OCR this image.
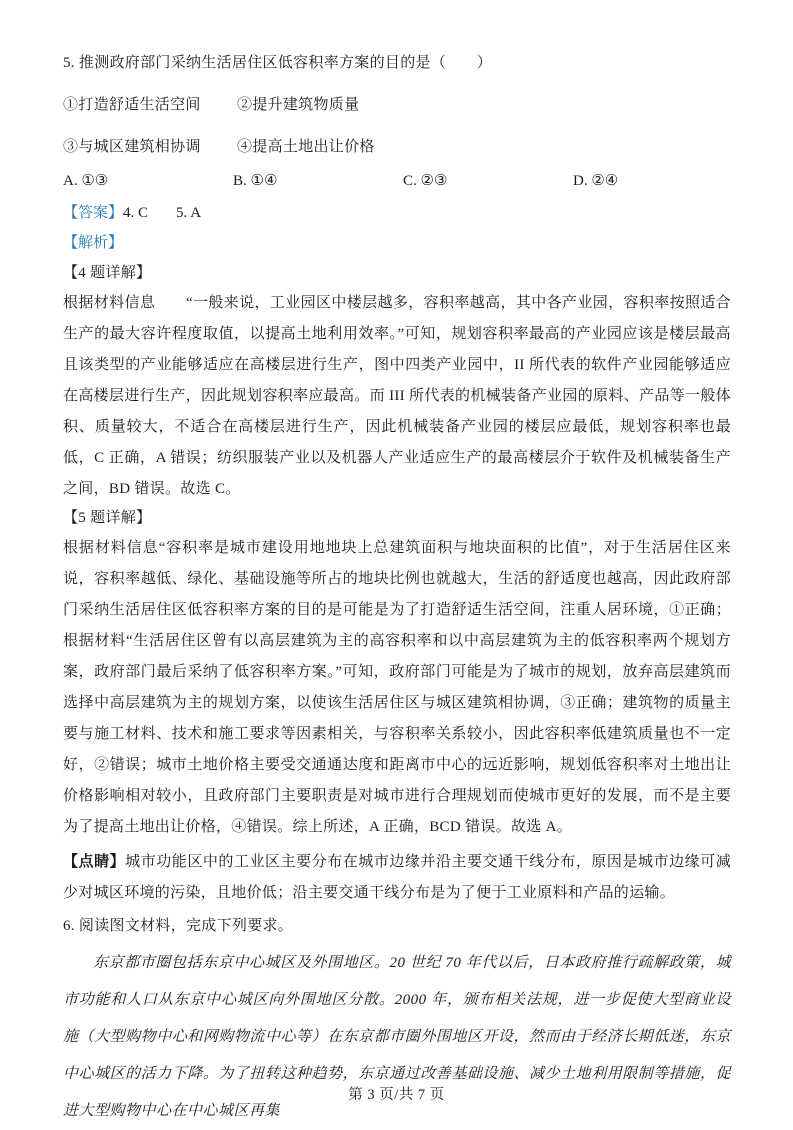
5. 推测政府部门采纳生活居住区低容积率方案的目的是（　　）

①打造舒适生活空间 ②提升建筑物质量

③与城区建筑相协调 ④提高土地出让价格

A. ①③	B. ①④	C. ②③	D. ②④

【答案】4. C 5. A

【解析】

【4 题详解】

根据材料信息　　“一般来说，工业园区中楼层越多，容积率越高，其中各产业园，容积率按照适合生产的最大容许程度取值，以提高土地利用效率。”可知，规划容积率最高的产业园应该是楼层最高且该类型的产业能够适应在高楼层进行生产，图中四类产业园中，II 所代表的软件产业园能够适应在高楼层进行生产，因此规划容积率应最高。而 III 所代表的机械装备产业园的原料、产品等一般体积、质量较大，不适合在高楼层进行生产，因此机械装备产业园的楼层应最低，规划容积率也最低，C 正确，A 错误；纺织服装产业以及机器人产业适应生产的最高楼层介于软件及机械装备生产之间，BD 错误。故选 C。

【5 题详解】

根据材料信息“容积率是城市建设用地地块上总建筑面积与地块面积的比值”，对于生活居住区来说，容积率越低、绿化、基础设施等所占的地块比例也就越大，生活的舒适度也越高，因此政府部门采纳生活居住区低容积率方案的目的是可能是为了打造舒适生活空间，注重人居环境，①正确；根据材料“生活居住区曾有以高层建筑为主的高容积率和以中高层建筑为主的低容积率两个规划方案，政府部门最后采纳了低容积率方案。”可知，政府部门可能是为了城市的规划，放弃高层建筑而选择中高层建筑为主的规划方案，以使该生活居住区与城区建筑相协调，③正确；建筑物的质量主要与施工材料、技术和施工要求等因素相关，与容积率关系较小，因此容积率低建筑质量也不一定好，②错误；城市土地价格主要受交通通达度和距离市中心的远近影响，规划低容积率对土地出让价格影响相对较小，且政府部门主要职责是对城市进行合理规划而使城市更好的发展，而不是主要为了提高土地出让价格，④错误。综上所述，A 正确，BCD 错误。故选 A。

【点睛】城市功能区中的工业区主要分布在城市边缘并沿主要交通干线分布，原因是城市边缘可减少对城区环境的污染，且地价低；沿主要交通干线分布是为了便于工业原料和产品的运输。

6. 阅读图文材料，完成下列要求。

东京都市圈包括东京中心城区及外围地区。20 世纪 70 年代以后，日本政府推行疏解政策，城市功能和人口从东京中心城区向外围地区分散。2000 年，颁布相关法规，进一步促使大型商业设施（大型购物中心和网购物流中心等）在东京都市圈外围地区开设，然而由于经济长期低迷，东京中心城区的活力下降。为了扭转这种趋势，东京通过改善基础设施、减少土地利用限制等措施，促进大型购物中心在中心城区再集

第 3 页/共 7 页
